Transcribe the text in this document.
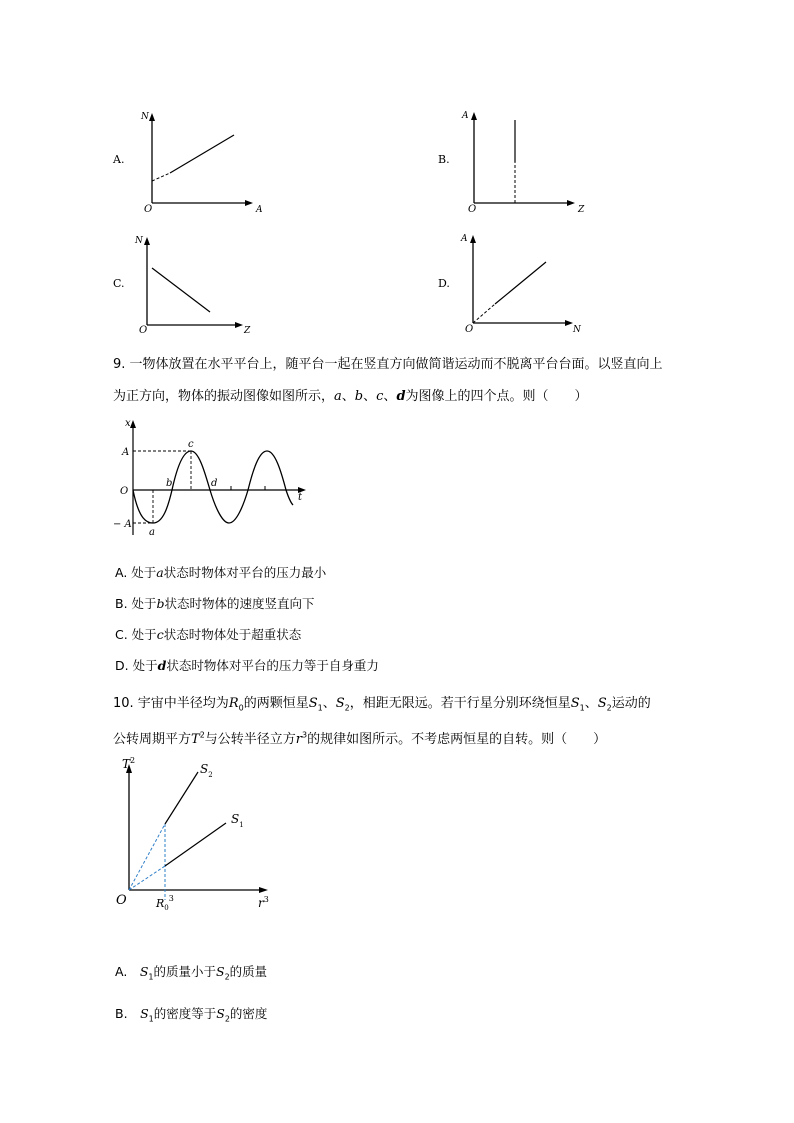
A.
N
A
O
B.
A
Z
O
C.
N
Z
O
D.
A
N
O
9. 一物体放置在水平平台上，随平台一起在竖直方向做简谐运动而不脱离平台台面。以竖直向上
为正方向，物体的振动图像如图所示，a、b、c、d为图像上的四个点。则（　　）
x
t
O
A
− A
a
b
c
d
A. 处于a状态时物体对平台的压力最小
B. 处于b状态时物体的速度竖直向下
C. 处于c状态时物体处于超重状态
D. 处于d状态时物体对平台的压力等于自身重力
10. 宇宙中半径均为$R_0$的两颗恒星$S_1$、$S_2$，相距无限远。若干行星分别环绕恒星$S_1$、$S_2$运动的
公转周期平方$T^2$与公转半径立方$r^3$的规律如图所示。不考虑两恒星的自转。则（　　）
$T^2$
$r^3$
O	$R_0^3$
$S_2$
$S_1$
A.　$S_1$的质量小于$S_2$的质量
B.　$S_1$的密度等于$S_2$的密度
